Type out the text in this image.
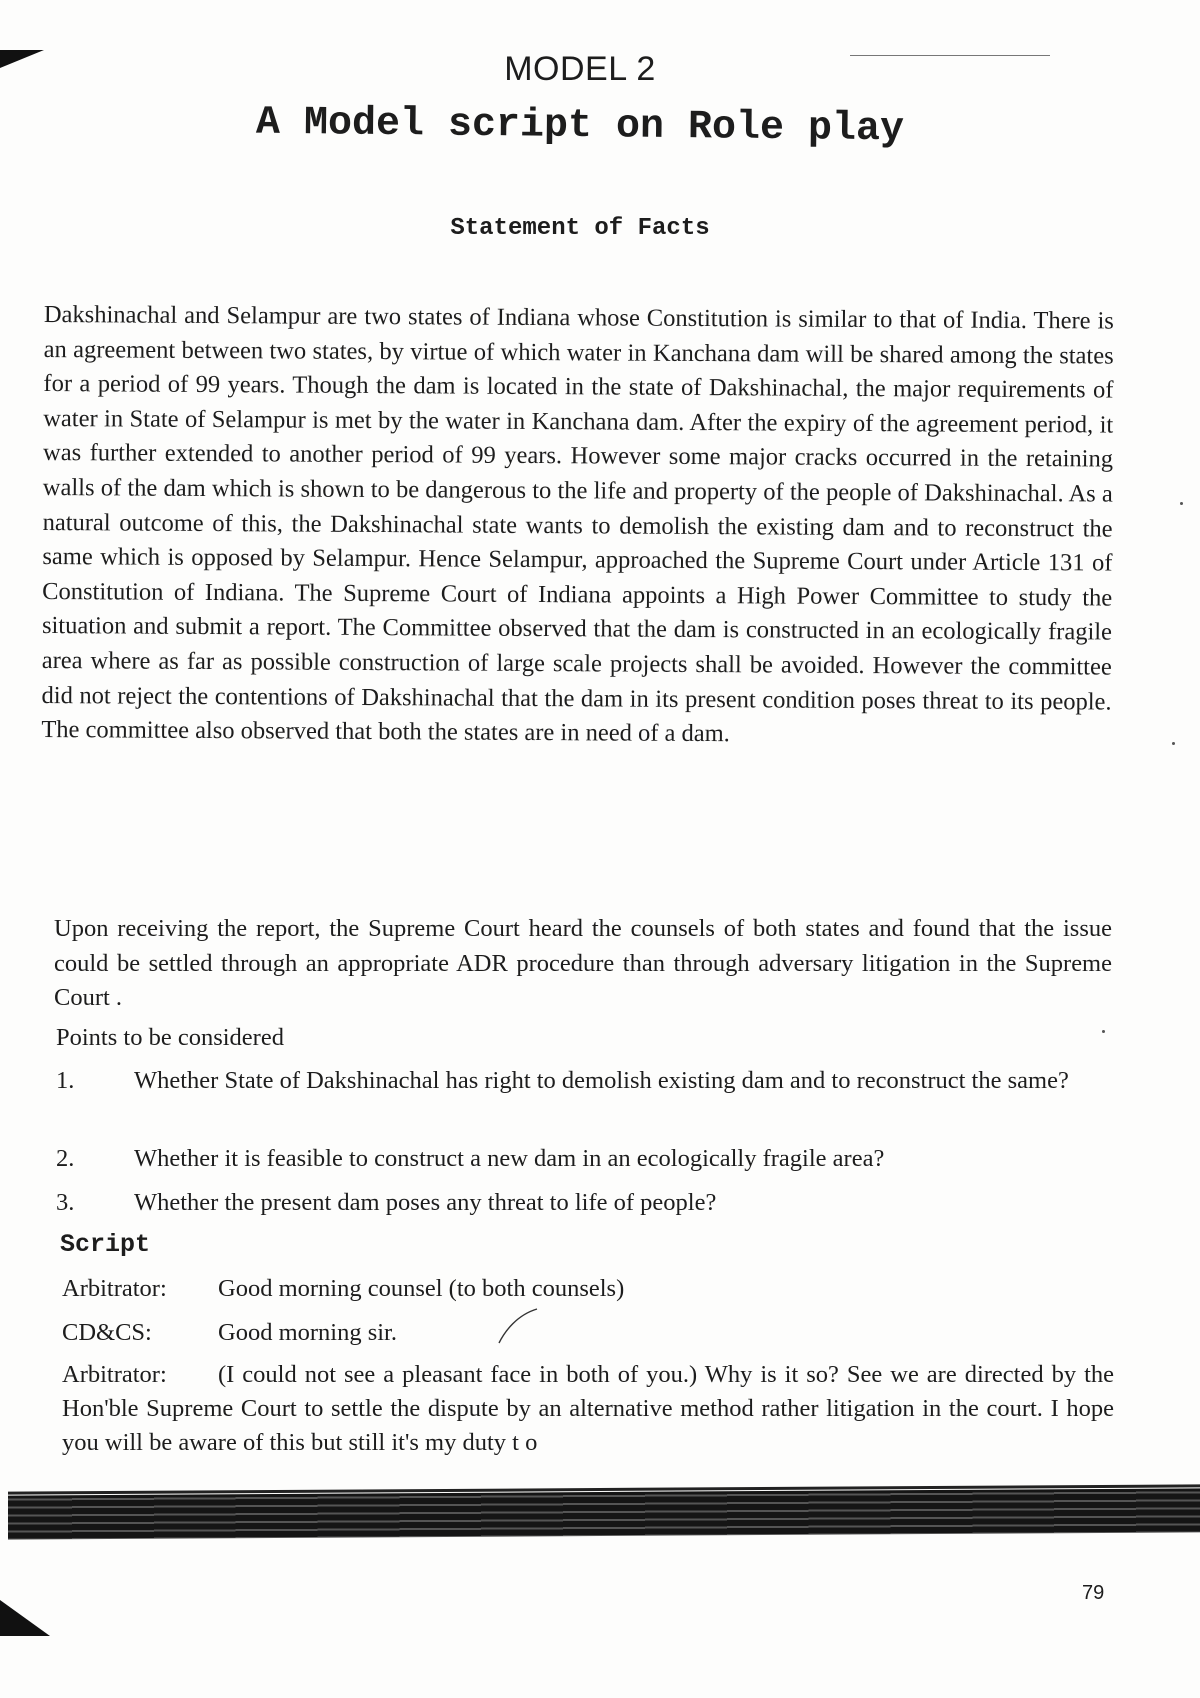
MODEL 2
A Model script on Role play
Statement of Facts

Dakshinachal and Selampur are two states of Indiana whose Constitution is similar to that of India. There is an agreement between two states, by virtue of which water in Kanchana dam will be shared among the states for a period of 99 years. Though the dam is located in the state of Dakshinachal, the major requirements of water in State of Selampur is met by the water in Kanchana dam. After the expiry of the agreement period, it was further extended to another period of 99 years. However some major cracks occurred in the retaining walls of the dam which is shown to be dangerous to the life and property of the people of Dakshinachal. As a natural outcome of this, the Dakshinachal state wants to demolish the existing dam and to reconstruct the same which is opposed by Selampur. Hence Selampur, approached the Supreme Court under Article 131 of Constitution of Indiana. The Supreme Court of Indiana appoints a High Power Committee to study the situation and submit a report. The Committee observed that the dam is constructed in an ecologically fragile area where as far as possible construction of large scale projects shall be avoided. However the committee did not reject the contentions of Dakshinachal that the dam in its present condition poses threat to its people. The committee also observed that both the states are in need of a dam.

Upon receiving the report, the Supreme Court heard the counsels of both states and found that the issue could be settled through an appropriate ADR procedure than through adversary litigation in the Supreme Court .

Points to be considered
1. Whether State of Dakshinachal has right to demolish existing dam and to reconstruct the same?
2. Whether it is feasible to construct a new dam in an ecologically fragile area?
3. Whether the present dam poses any threat to life of people?
Script
Arbitrator: Good morning counsel (to both counsels)
CD&CS:	Good morning sir.
Arbitrator: (I could not see a pleasant face in both of you.) Why is it so? See we are directed by the Hon'ble Supreme Court to settle the dispute by an alternative method rather litigation in the court. I hope you will be aware of this but still it's my duty t o
79
